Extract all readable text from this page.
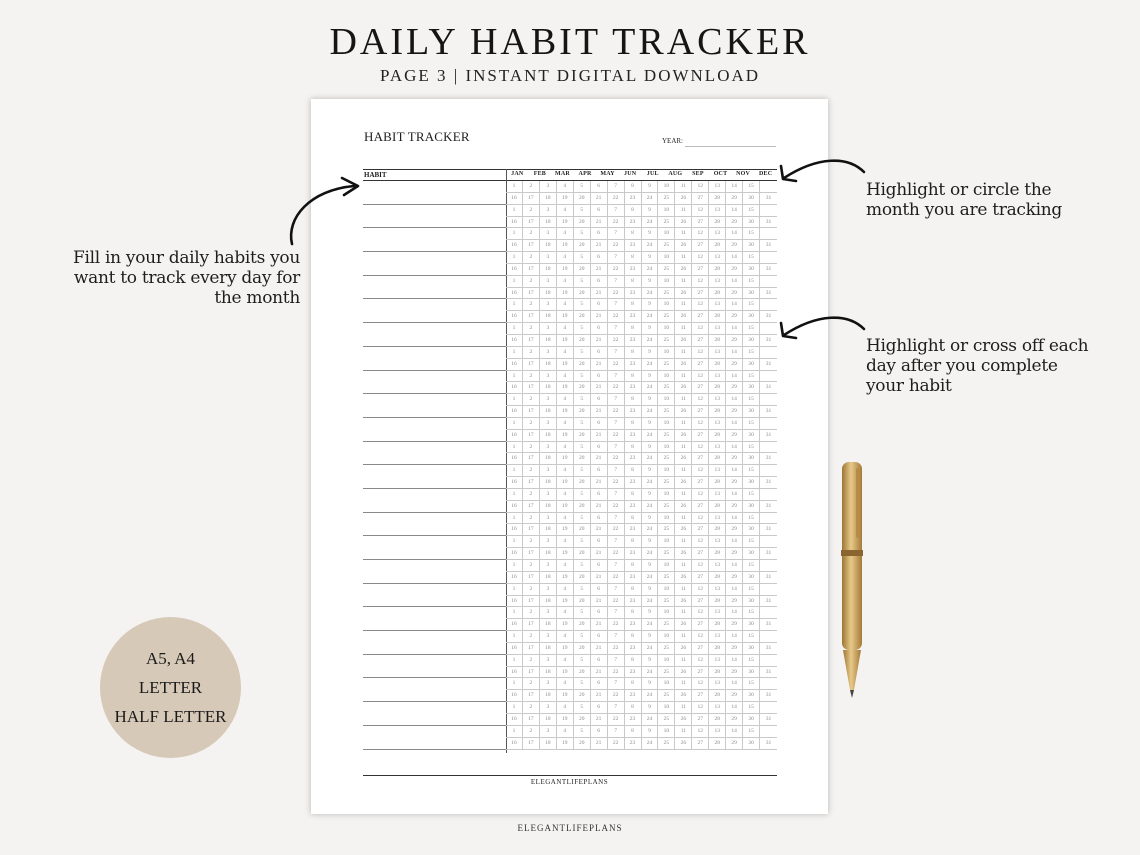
DAILY HABIT TRACKER
PAGE 3 | INSTANT DIGITAL DOWNLOAD
HABIT TRACKER	YEAR:
HABIT	JAN	FEB	MAR	APR	MAY	JUN	JUL	AUG	SEP	OCT	NOV	DEC
1	2	3	4	5	6	7	8	9	10	11	12	13	14	15
16	17	18	19	20	21	22	23	24	25	26	27	28	29	30	31
1	2	3	4	5	6	7	8	9	10	11	12	13	14	15
16	17	18	19	20	21	22	23	24	25	26	27	28	29	30	31
1	2	3	4	5	6	7	8	9	10	11	12	13	14	15
16	17	18	19	20	21	22	23	24	25	26	27	28	29	30	31
1	2	3	4	5	6	7	8	9	10	11	12	13	14	15
16	17	18	19	20	21	22	23	24	25	26	27	28	29	30	31
1	2	3	4	5	6	7	8	9	10	11	12	13	14	15
16	17	18	19	20	21	22	23	24	25	26	27	28	29	30	31
1	2	3	4	5	6	7	8	9	10	11	12	13	14	15
16	17	18	19	20	21	22	23	24	25	26	27	28	29	30	31
1	2	3	4	5	6	7	8	9	10	11	12	13	14	15
16	17	18	19	20	21	22	23	24	25	26	27	28	29	30	31
1	2	3	4	5	6	7	8	9	10	11	12	13	14	15
16	17	18	19	20	21	22	23	24	25	26	27	28	29	30	31
1	2	3	4	5	6	7	8	9	10	11	12	13	14	15
16	17	18	19	20	21	22	23	24	25	26	27	28	29	30	31
1	2	3	4	5	6	7	8	9	10	11	12	13	14	15
16	17	18	19	20	21	22	23	24	25	26	27	28	29	30	31
1	2	3	4	5	6	7	8	9	10	11	12	13	14	15
16	17	18	19	20	21	22	23	24	25	26	27	28	29	30	31
1	2	3	4	5	6	7	8	9	10	11	12	13	14	15
16	17	18	19	20	21	22	23	24	25	26	27	28	29	30	31
1	2	3	4	5	6	7	8	9	10	11	12	13	14	15
16	17	18	19	20	21	22	23	24	25	26	27	28	29	30	31
1	2	3	4	5	6	7	8	9	10	11	12	13	14	15
16	17	18	19	20	21	22	23	24	25	26	27	28	29	30	31
1	2	3	4	5	6	7	8	9	10	11	12	13	14	15
16	17	18	19	20	21	22	23	24	25	26	27	28	29	30	31
1	2	3	4	5	6	7	8	9	10	11	12	13	14	15
16	17	18	19	20	21	22	23	24	25	26	27	28	29	30	31
1	2	3	4	5	6	7	8	9	10	11	12	13	14	15
16	17	18	19	20	21	22	23	24	25	26	27	28	29	30	31
1	2	3	4	5	6	7	8	9	10	11	12	13	14	15
16	17	18	19	20	21	22	23	24	25	26	27	28	29	30	31
1	2	3	4	5	6	7	8	9	10	11	12	13	14	15
16	17	18	19	20	21	22	23	24	25	26	27	28	29	30	31
1	2	3	4	5	6	7	8	9	10	11	12	13	14	15
16	17	18	19	20	21	22	23	24	25	26	27	28	29	30	31
1	2	3	4	5	6	7	8	9	10	11	12	13	14	15
16	17	18	19	20	21	22	23	24	25	26	27	28	29	30	31
1	2	3	4	5	6	7	8	9	10	11	12	13	14	15
16	17	18	19	20	21	22	23	24	25	26	27	28	29	30	31
1	2	3	4	5	6	7	8	9	10	11	12	13	14	15
16	17	18	19	20	21	22	23	24	25	26	27	28	29	30	31
1	2	3	4	5	6	7	8	9	10	11	12	13	14	15
16	17	18	19	20	21	22	23	24	25	26	27	28	29	30	31
ELEGANTLIFEPLANS
Fill in your daily habits you
want to track every day for
the month
Highlight or circle the
month you are tracking
Highlight or cross off each
day after you complete
your habit
A5, A4
LETTER
HALF LETTER
ELEGANTLIFEPLANS
